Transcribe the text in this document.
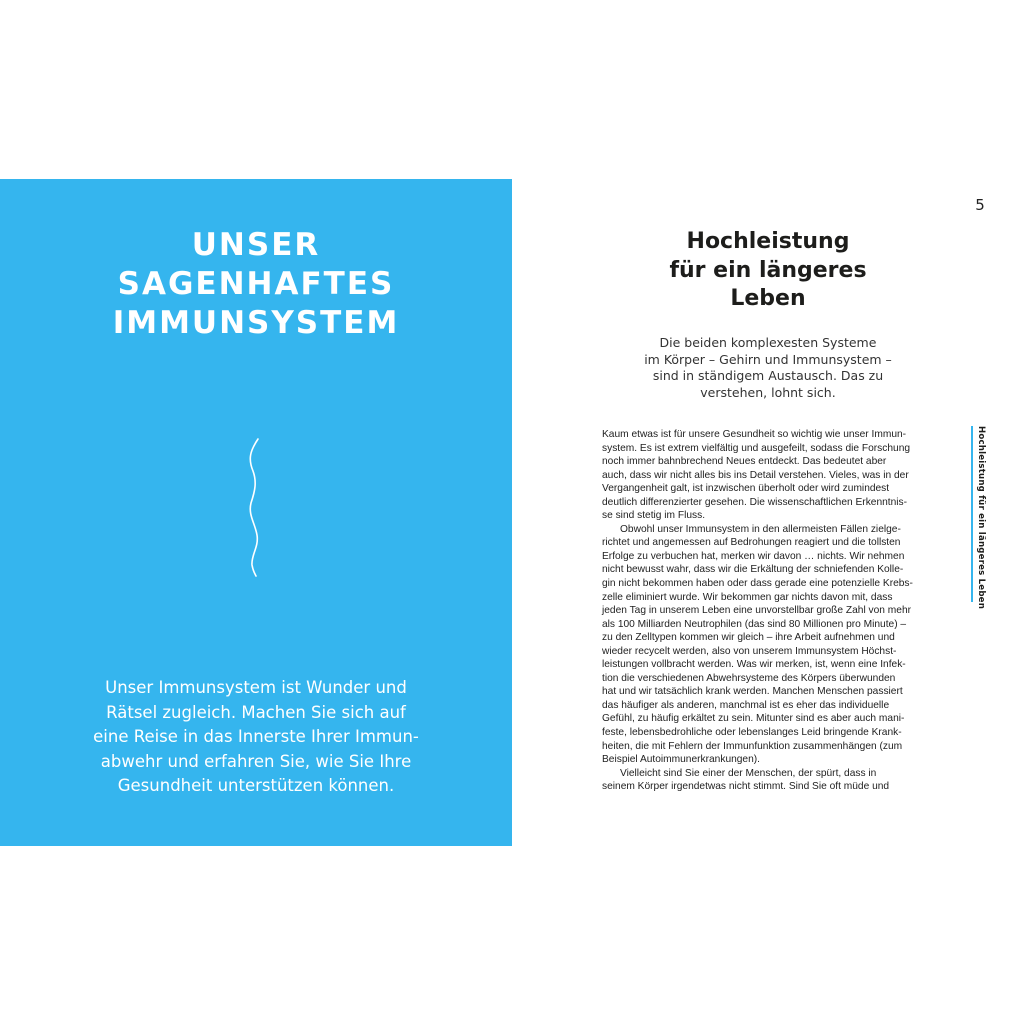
UNSER
SAGENHAFTES
IMMUNSYSTEM
Unser Immunsystem ist Wunder und
Rätsel zugleich. Machen Sie sich auf
eine Reise in das Innerste Ihrer Immun-
abwehr und erfahren Sie, wie Sie Ihre
Gesundheit unterstützen können.
5
Hochleistung
für ein längeres
Leben
Die beiden komplexesten Systeme
im Körper – Gehirn und Immunsystem –
sind in ständigem Austausch. Das zu
verstehen, lohnt sich.
Kaum etwas ist für unsere Gesundheit so wichtig wie unser Immun-
system. Es ist extrem vielfältig und ausgefeilt, sodass die Forschung
noch immer bahnbrechend Neues entdeckt. Das bedeutet aber
auch, dass wir nicht alles bis ins Detail verstehen. Vieles, was in der
Vergangenheit galt, ist inzwischen überholt oder wird zumindest
deutlich differenzierter gesehen. Die wissenschaftlichen Erkenntnis-
se sind stetig im Fluss.
Obwohl unser Immunsystem in den allermeisten Fällen zielge-
richtet und angemessen auf Bedrohungen reagiert und die tollsten
Erfolge zu verbuchen hat, merken wir davon … nichts. Wir nehmen
nicht bewusst wahr, dass wir die Erkältung der schniefenden Kolle-
gin nicht bekommen haben oder dass gerade eine potenzielle Krebs-
zelle eliminiert wurde. Wir bekommen gar nichts davon mit, dass
jeden Tag in unserem Leben eine unvorstellbar große Zahl von mehr
als 100 Milliarden Neutrophilen (das sind 80 Millionen pro Minute) –
zu den Zelltypen kommen wir gleich – ihre Arbeit aufnehmen und
wieder recycelt werden, also von unserem Immunsystem Höchst-
leistungen vollbracht werden. Was wir merken, ist, wenn eine Infek-
tion die verschiedenen Abwehrsysteme des Körpers überwunden
hat und wir tatsächlich krank werden. Manchen Menschen passiert
das häufiger als anderen, manchmal ist es eher das individuelle
Gefühl, zu häufig erkältet zu sein. Mitunter sind es aber auch mani-
feste, lebensbedrohliche oder lebenslanges Leid bringende Krank-
heiten, die mit Fehlern der Immunfunktion zusammenhängen (zum
Beispiel Autoimmunerkrankungen).
Vielleicht sind Sie einer der Menschen, der spürt, dass in
seinem Körper irgendetwas nicht stimmt. Sind Sie oft müde und
Hochleistung für ein längeres Leben
